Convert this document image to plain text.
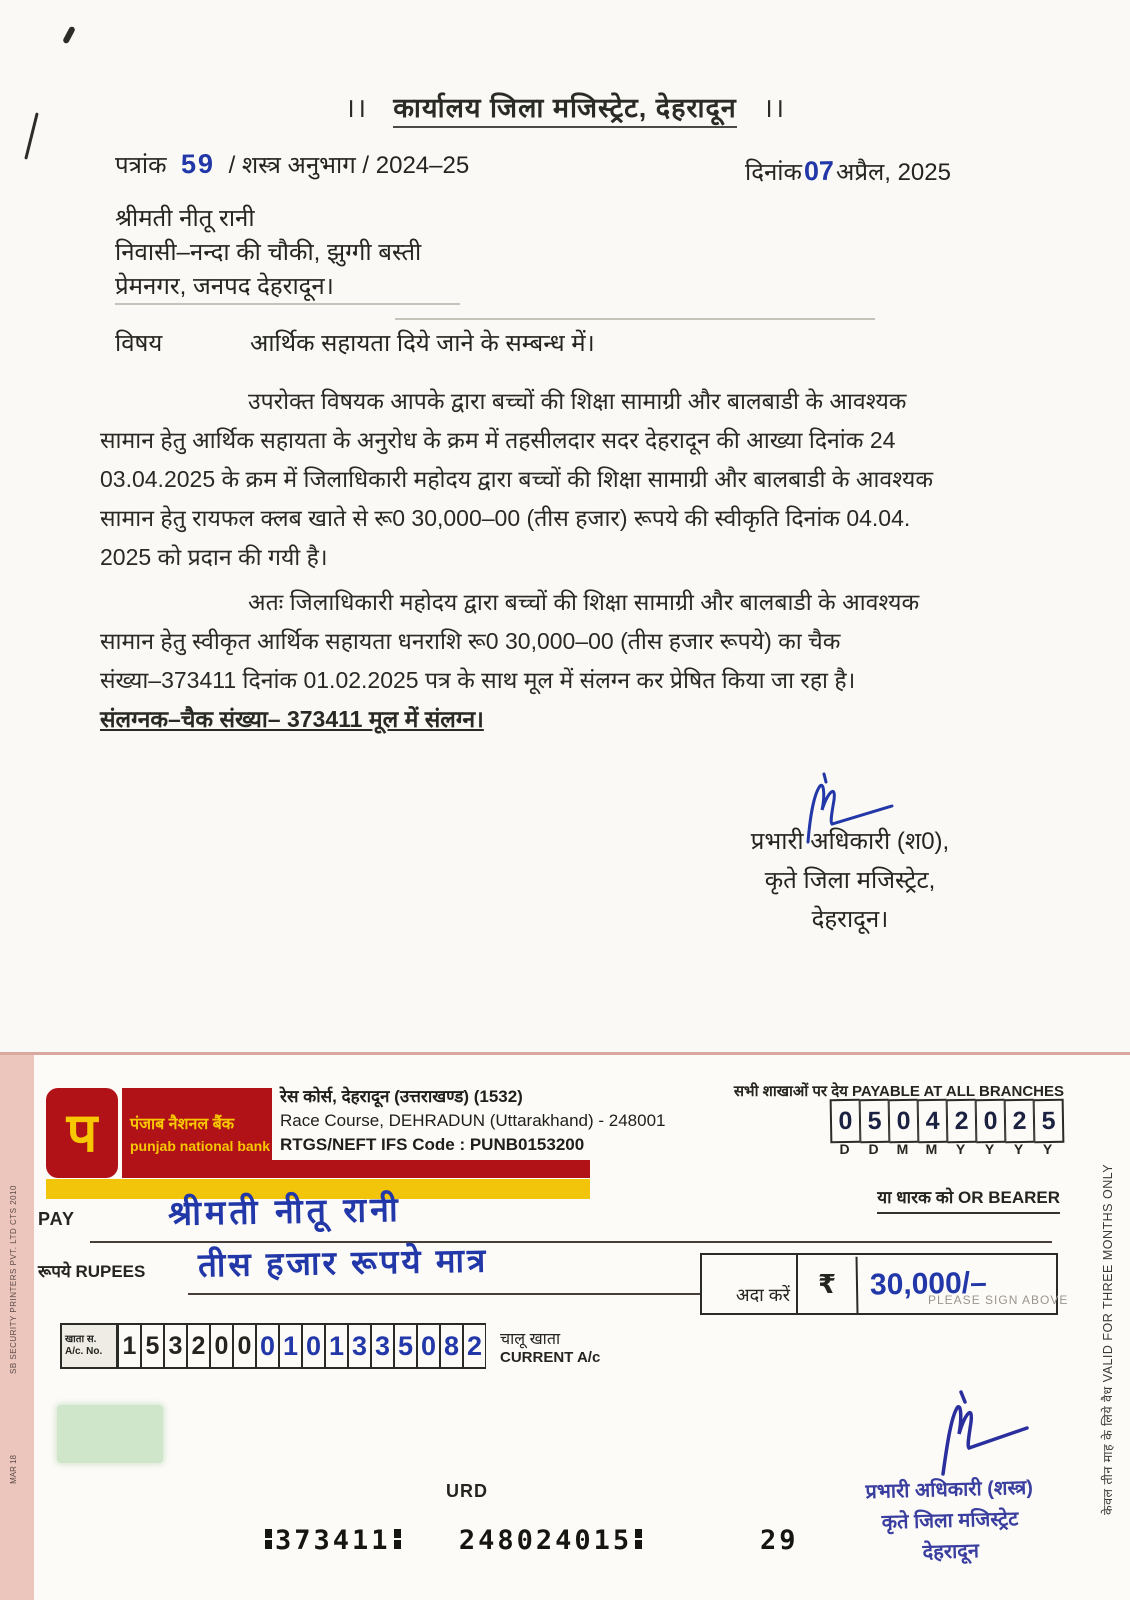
।। कार्यालय जिला मजिस्ट्रेट, देहरादून ।।
पत्रांक 59 / शस्त्र अनुभाग / 2024–25	दिनांक 07 अप्रैल, 2025
श्रीमती नीतू रानी
निवासी–नन्दा की चौकी, झुग्गी बस्ती
प्रेमनगर, जनपद देहरादून।
विषय	आर्थिक सहायता दिये जाने के सम्बन्ध में।
उपरोक्त विषयक आपके द्वारा बच्चों की शिक्षा सामाग्री और बालबाडी के आवश्यक
सामान हेतु आर्थिक सहायता के अनुरोध के क्रम में तहसीलदार सदर देहरादून की आख्या दिनांक 24
03.04.2025 के क्रम में जिलाधिकारी महोदय द्वारा बच्चों की शिक्षा सामाग्री और बालबाडी के आवश्यक
सामान हेतु रायफल क्लब खाते से रू0 30,000–00 (तीस हजार) रूपये की स्वीकृति दिनांक 04.04.
2025 को प्रदान की गयी है।
अतः जिलाधिकारी महोदय द्वारा बच्चों की शिक्षा सामाग्री और बालबाडी के आवश्यक
सामान हेतु स्वीकृत आर्थिक सहायता धनराशि रू0 30,000–00 (तीस हजार रूपये) का चैक
संख्या–373411 दिनांक 01.02.2025 पत्र के साथ मूल में संलग्न कर प्रेषित किया जा रहा है।
संलग्नक–चैक संख्या– 373411 मूल में संलग्न।
प्रभारी अधिकारी (श0),
कृते जिला मजिस्ट्रेट,
देहरादून।
SB SECURITY PRINTERS PVT. LTD CTS 2010
MAR 18
प पंजाब नैशनल बैंक
punjab national bank
रेस कोर्स, देहरादून (उत्तराखण्ड) (1532)
Race Course, DEHRADUN (Uttarakhand) - 248001
RTGS/NEFT IFS Code : PUNB0153200
सभी शाखाओं पर देय PAYABLE AT ALL BRANCHES
0 5 0 4 2 0 2 5
D	D	M	M	Y	Y	Y	Y
या धारक को OR BEARER
PAY	श्रीमती नीतू रानी
रूपये RUPEES तीस हजार रूपये मात्र
अदा करें	₹	30,000/–
खाता स.
A/c. No. 1 5 3 2 0 0 0 1 0 1 3 3 5 0 8 2 चालू खाता
CURRENT A/c
URD
PLEASE SIGN ABOVE
प्रभारी अधिकारी (शस्त्र)
कृते जिला मजिस्ट्रेट
देहरादून
केवल तीन माह के लिये वैध VALID FOR THREE MONTHS ONLY
373411	248024015	29
